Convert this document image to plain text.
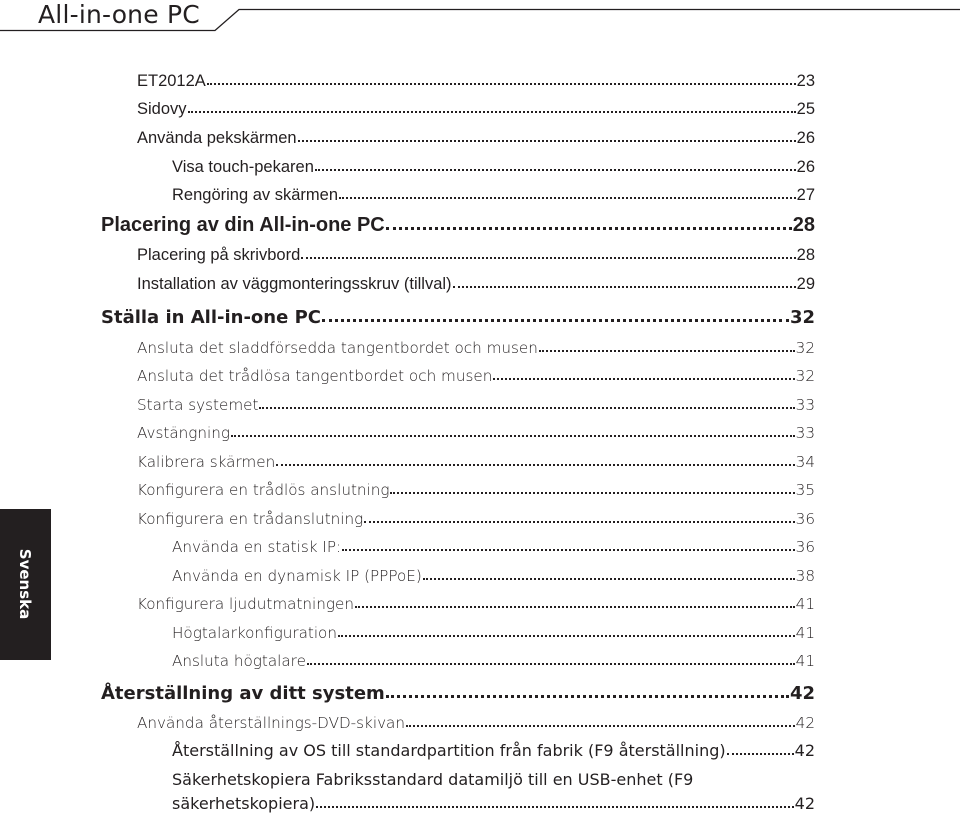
All-in-one PC
Svenska
ET2012A	23
Sidovy	25
Använda pekskärmen	26
Visa touch-pekaren	26
Rengöring av skärmen	27
Placering av din All-in-one PC	28
Placering på skrivbord	28
Installation av väggmonteringsskruv (tillval)	29
Ställa in All-in-one PC	32
Ansluta det sladdförsedda tangentbordet och musen	32
Ansluta det trådlösa tangentbordet och musen	32
Starta systemet	33
Avstängning	33
Kalibrera skärmen	34
Konfigurera en trådlös anslutning	35
Konfigurera en trådanslutning	36
Använda en statisk IP:	36
Använda en dynamisk IP (PPPoE)	38
Konfigurera ljudutmatningen	41
Högtalarkonfiguration	41
Ansluta högtalare	41
Återställning av ditt system	42
Använda återställnings-DVD-skivan	42
Återställning av OS till standardpartition från fabrik (F9 återställning)	42
Säkerhetskopiera Fabriksstandard datamiljö till en USB-enhet (F9
säkerhetskopiera)	42
